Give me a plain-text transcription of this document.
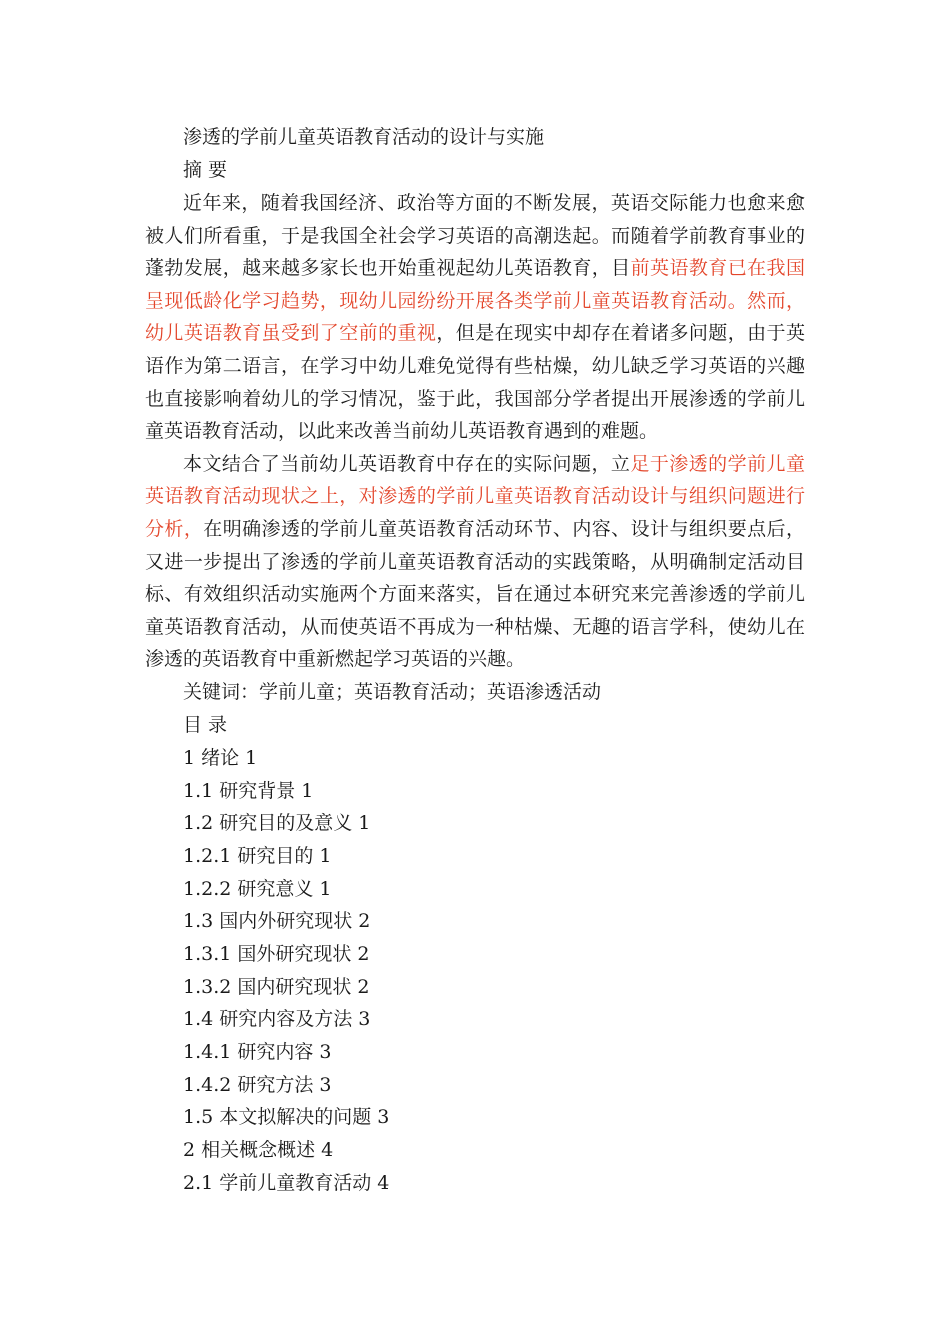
渗透的学前儿童英语教育活动的设计与实施
摘 要

近年来，随着我国经济、政治等方面的不断发展，英语交际能力也愈来愈被人们所看重，于是我国全社会学习英语的高潮迭起。而随着学前教育事业的蓬勃发展，越来越多家长也开始重视起幼儿英语教育，目前英语教育已在我国呈现低龄化学习趋势，现幼儿园纷纷开展各类学前儿童英语教育活动。然而，幼儿英语教育虽受到了空前的重视，但是在现实中却存在着诸多问题，由于英语作为第二语言，在学习中幼儿难免觉得有些枯燥，幼儿缺乏学习英语的兴趣也直接影响着幼儿的学习情况，鉴于此，我国部分学者提出开展渗透的学前儿童英语教育活动，以此来改善当前幼儿英语教育遇到的难题。

本文结合了当前幼儿英语教育中存在的实际问题，立足于渗透的学前儿童英语教育活动现状之上，对渗透的学前儿童英语教育活动设计与组织问题进行分析，在明确渗透的学前儿童英语教育活动环节、内容、设计与组织要点后，又进一步提出了渗透的学前儿童英语教育活动的实践策略，从明确制定活动目标、有效组织活动实施两个方面来落实，旨在通过本研究来完善渗透的学前儿童英语教育活动，从而使英语不再成为一种枯燥、无趣的语言学科，使幼儿在渗透的英语教育中重新燃起学习英语的兴趣。

关键词：学前儿童；英语教育活动；英语渗透活动
目 录
1 绪论 1
1.1 研究背景 1
1.2 研究目的及意义 1
1.2.1 研究目的 1
1.2.2 研究意义 1
1.3 国内外研究现状 2
1.3.1 国外研究现状 2
1.3.2 国内研究现状 2
1.4 研究内容及方法 3
1.4.1 研究内容 3
1.4.2 研究方法 3
1.5 本文拟解决的问题 3
2 相关概念概述 4
2.1 学前儿童教育活动 4
